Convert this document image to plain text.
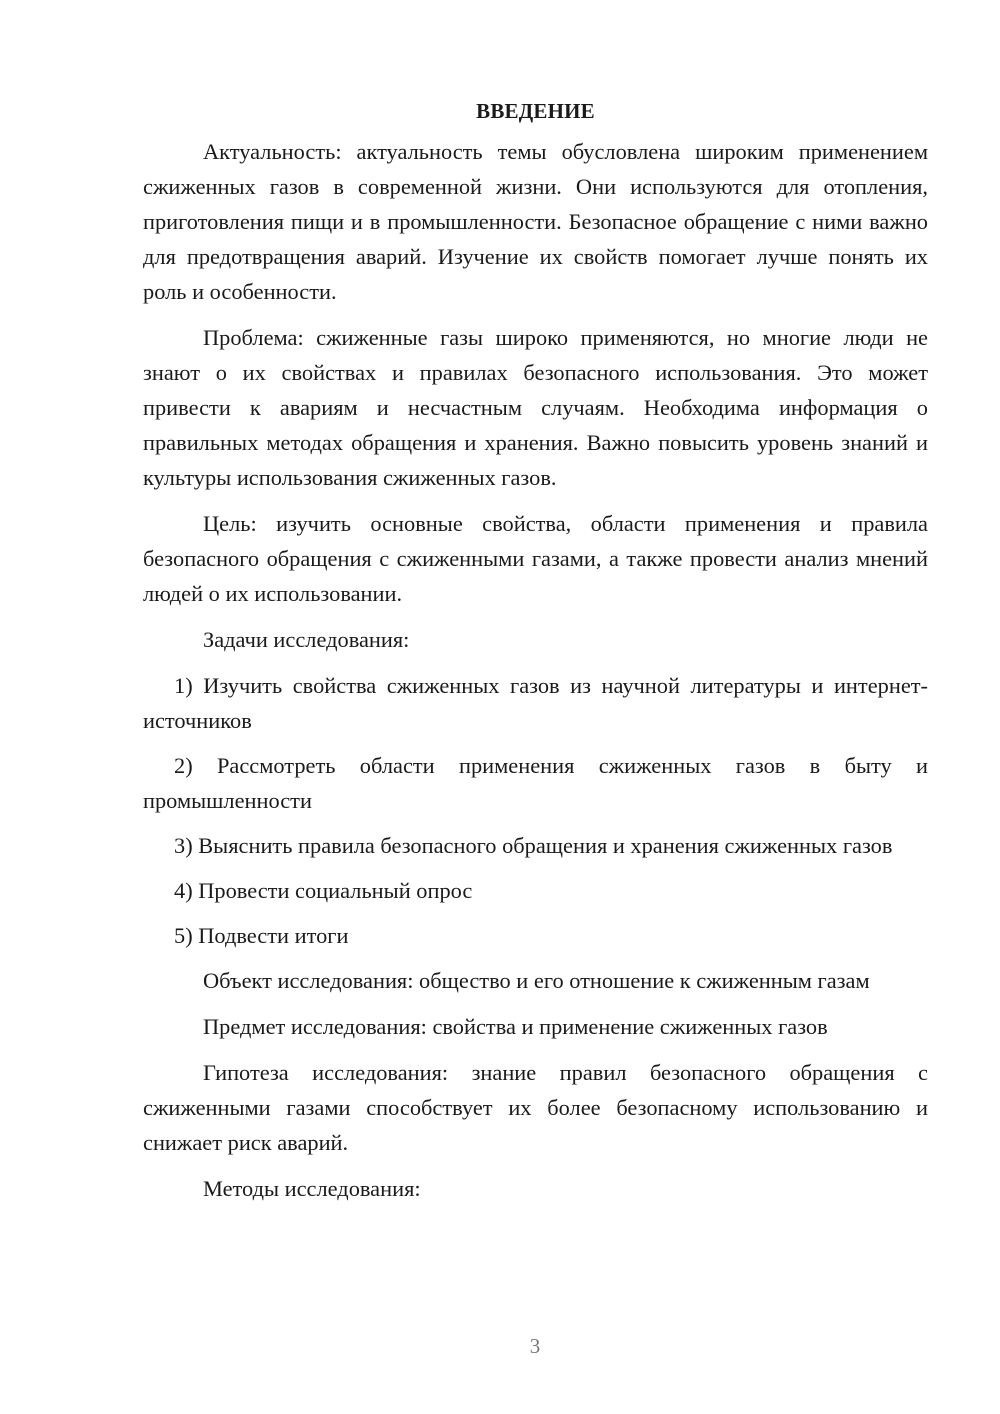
ВВЕДЕНИЕ

Актуальность: актуальность темы обусловлена широким применением сжиженных газов в современной жизни. Они используются для отопления, приготовления пищи и в промышленности. Безопасное обращение с ними важно для предотвращения аварий. Изучение их свойств помогает лучше понять их роль и особенности.

Проблема: сжиженные газы широко применяются, но многие люди не знают о их свойствах и правилах безопасного использования. Это может привести к авариям и несчастным случаям. Необходима информация о правильных методах обращения и хранения. Важно повысить уровень знаний и культуры использования сжиженных газов.

Цель: изучить основные свойства, области применения и правила безопасного обращения с сжиженными газами, а также провести анализ мнений людей о их использовании.

Задачи исследования:

1) Изучить свойства сжиженных газов из научной литературы и интернет-источников

2) Рассмотреть области применения сжиженных газов в быту и промышленности

3) Выяснить правила безопасного обращения и хранения сжиженных газов

4) Провести социальный опрос

5) Подвести итоги

Объект исследования: общество и его отношение к сжиженным газам

Предмет исследования: свойства и применение сжиженных газов

Гипотеза исследования: знание правил безопасного обращения с сжиженными газами способствует их более безопасному использованию и снижает риск аварий.

Методы исследования:

3
